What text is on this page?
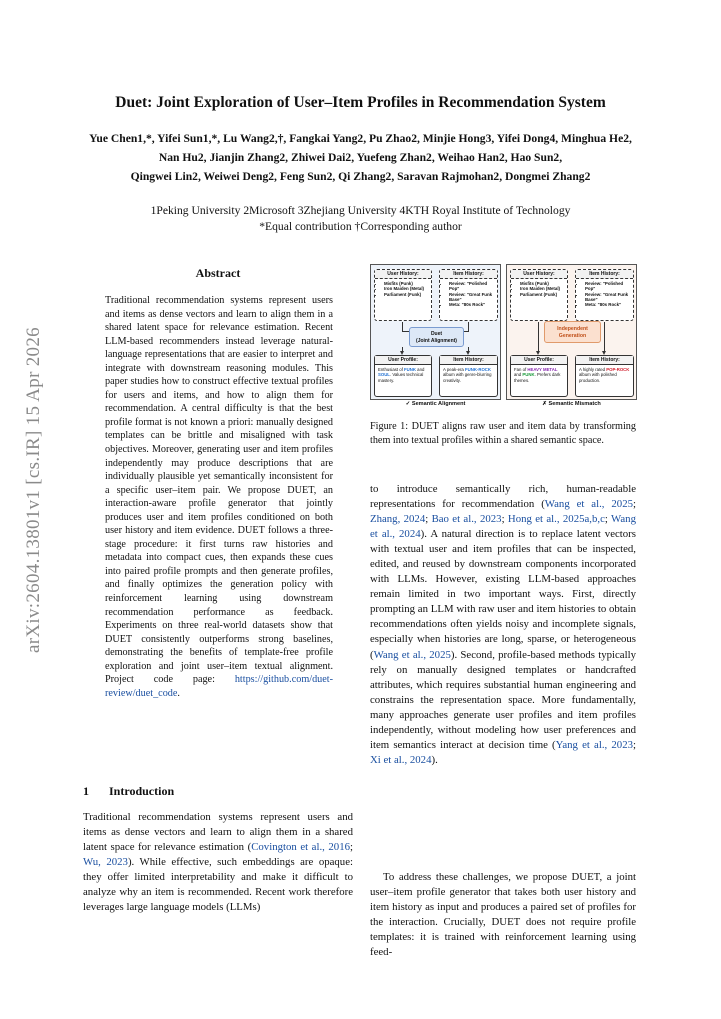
arXiv:2604.13801v1 [cs.IR] 15 Apr 2026
Duet: Joint Exploration of User–Item Profiles in Recommendation System
Yue Chen1,*, Yifei Sun1,*, Lu Wang2,†, Fangkai Yang2, Pu Zhao2, Minjie Hong3, Yifei Dong4, Minghua He2,
Nan Hu2, Jianjin Zhang2, Zhiwei Dai2, Yuefeng Zhan2, Weihao Han2, Hao Sun2,
Qingwei Lin2, Weiwei Deng2, Feng Sun2, Qi Zhang2, Saravan Rajmohan2, Dongmei Zhang2
1Peking University 2Microsoft 3Zhejiang University 4KTH Royal Institute of Technology
*Equal contribution †Corresponding author
Abstract
Traditional recommendation systems represent users and items as dense vectors and learn to align them in a shared latent space for relevance estimation. Recent LLM-based recommenders instead leverage natural-language representations that are easier to interpret and integrate with downstream reasoning modules. This paper studies how to construct effective textual profiles for users and items, and how to align them for recommendation. A central difficulty is that the best profile format is not known a priori: manually designed templates can be brittle and misaligned with task objectives. Moreover, generating user and item profiles independently may produce descriptions that are individually plausible yet semantically inconsistent for a specific user–item pair. We propose DUET, an interaction-aware profile generator that jointly produces user and item profiles conditioned on both user history and item evidence. DUET follows a three-stage procedure: it first turns raw histories and metadata into compact cues, then expands these cues into paired profile prompts and then generate profiles, and finally optimizes the generation policy with reinforcement learning using downstream recommendation performance as feedback. Experiments on three real-world datasets show that DUET consistently outperforms strong baselines, demonstrating the benefits of template-free profile exploration and joint user–item textual alignment. Project code page: https://github.com/duet-review/duet_code.
1 Introduction
Traditional recommendation systems represent users and items as dense vectors and learn to align them in a shared latent space for relevance estimation (Covington et al., 2016; Wu, 2023). While effective, such embeddings are opaque: they offer limited interpretability and make it difficult to analyze why an item is recommended. Recent work therefore leverages large language models (LLMs)
User History:
• Misfits (Punk)
• Iron Maiden (Metal)
• Parliament (Funk)
Item History:
• Review: "Polished Pop"
• Review: "Great Funk Base"
• Meta: "80s Rock"
Duet
(Joint Alignment)
User Profile:
Enthusiast of FUNK and SOUL. Values technical mastery.
Item History:
A peak-era FUNK-ROCK album with genre-blurring creativity.
✓ Semantic Alignment
User History:
• Misfits (Punk)
• Iron Maiden (Metal)
• Parliament (Funk)
Item History:
• Review: "Polished Pop"
• Review: "Great Funk Base"
• Meta: "80s Rock"
Independent
Generation
User Profile:
Fan of HEAVY METAL and PUNK. Prefers dark themes.
Item History:
A highly rated POP-ROCK album with polished production.
✗ Semantic Mismatch
Figure 1: DUET aligns raw user and item data by transforming them into textual profiles within a shared semantic space.
to introduce semantically rich, human-readable representations for recommendation (Wang et al., 2025; Zhang, 2024; Bao et al., 2023; Hong et al., 2025a,b,c; Wang et al., 2024). A natural direction is to replace latent vectors with textual user and item profiles that can be inspected, edited, and reused by downstream components incorporated with LLMs. However, existing LLM-based approaches remain limited in two important ways. First, directly prompting an LLM with raw user and item histories to obtain recommendations often yields noisy and incomplete signals, especially when histories are long, sparse, or heterogeneous (Wang et al., 2025). Second, profile-based methods typically rely on manually designed templates or handcrafted attributes, which requires substantial human engineering and constrains the representation space. More fundamentally, many approaches generate user profiles and item profiles independently, without modeling how user preferences and item semantics interact at decision time (Yang et al., 2023; Xi et al., 2024).
To address these challenges, we propose DUET, a joint user–item profile generator that takes both user history and item history as input and produces a paired set of profiles for the interaction. Crucially, DUET does not require profile templates: it is trained with reinforcement learning using feed-
